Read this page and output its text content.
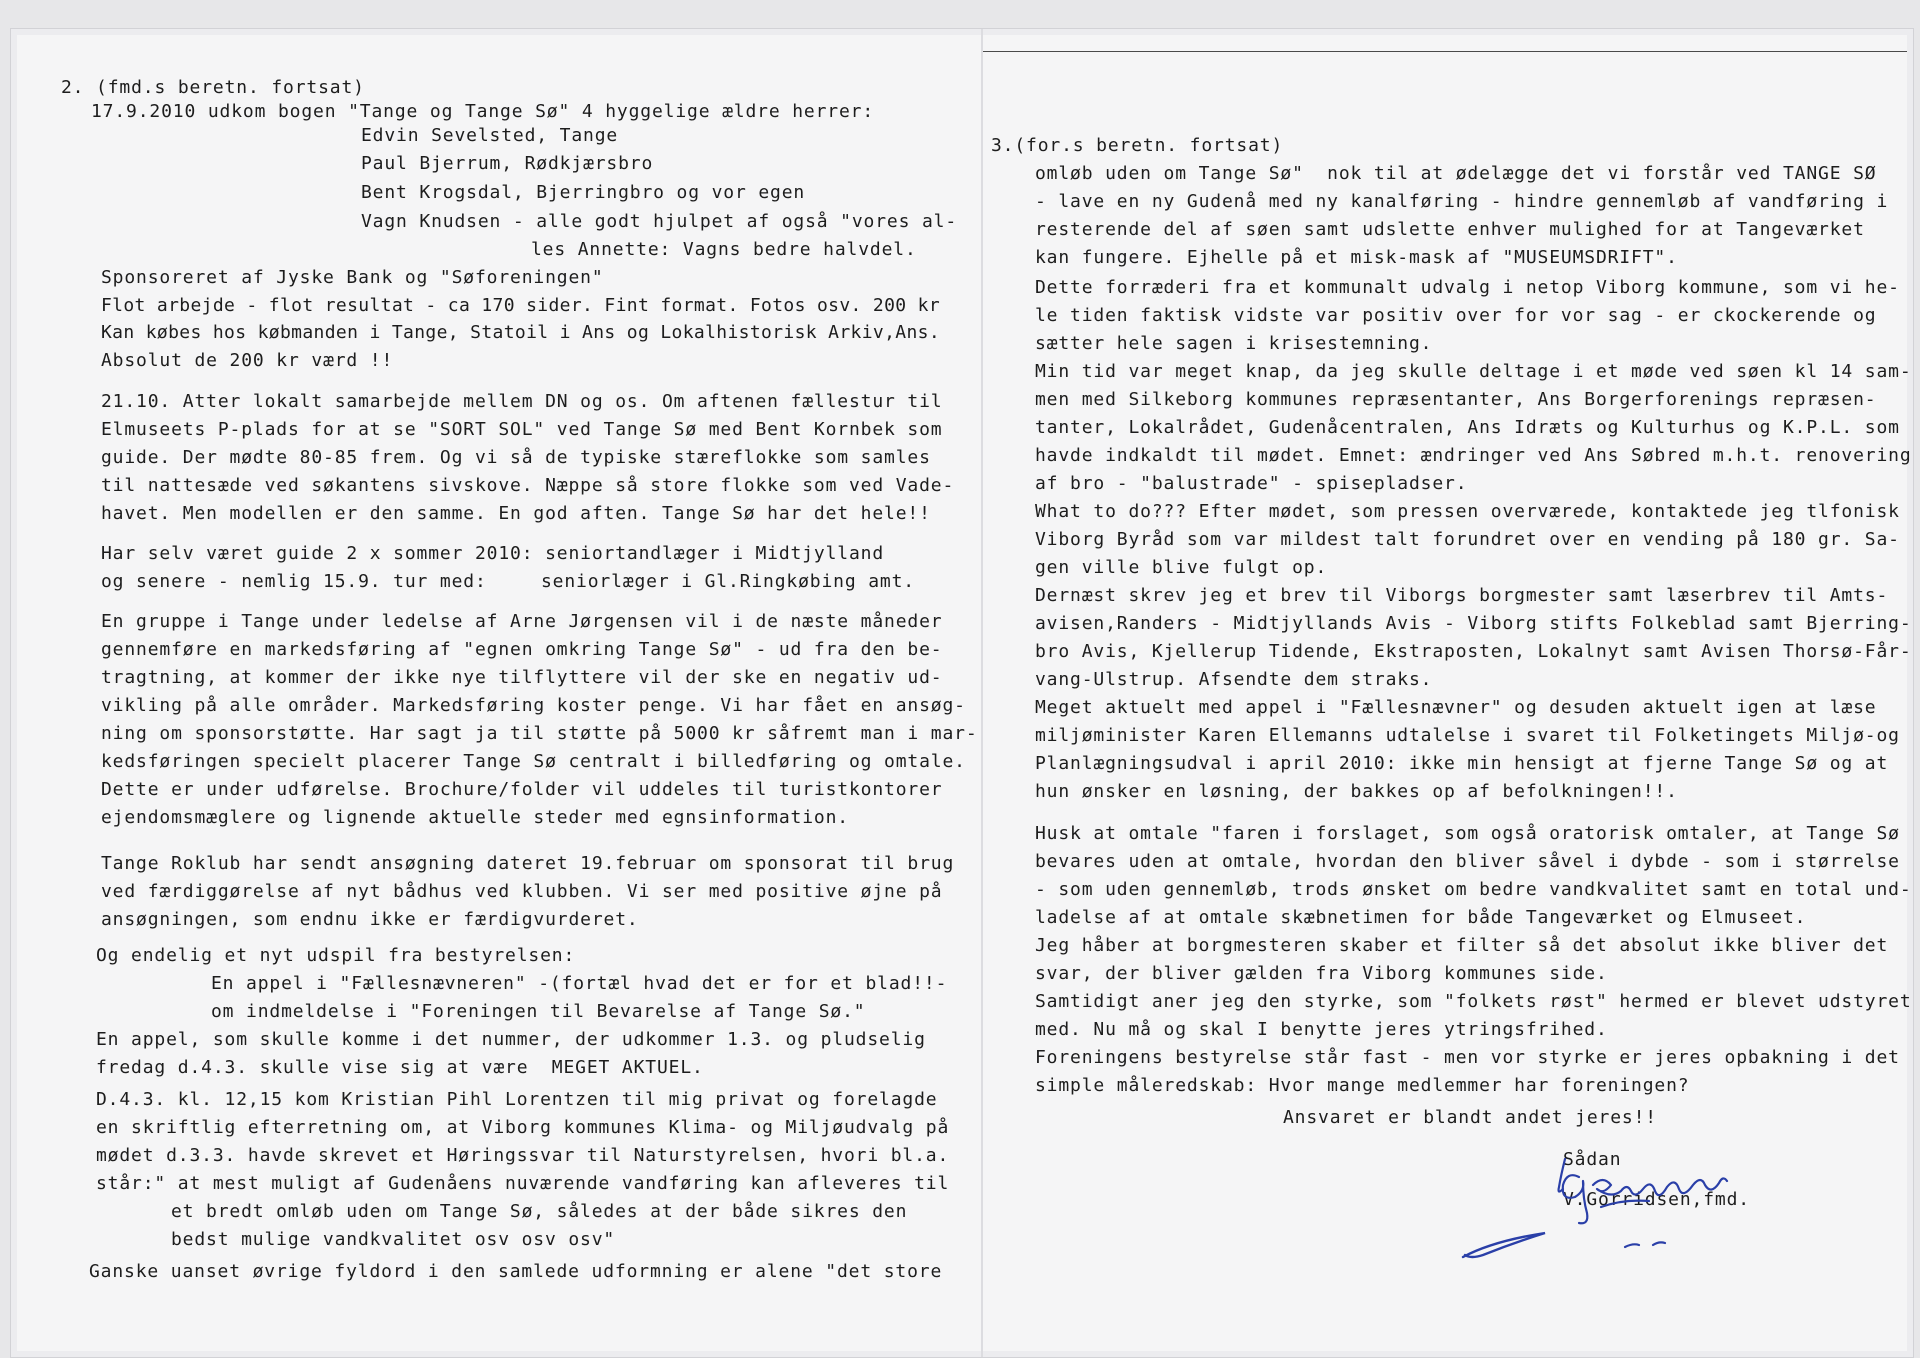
2. (fmd.s beretn. fortsat)
17.9.2010 udkom bogen "Tange og Tange Sø" 4 hyggelige ældre herrer:
Edvin Sevelsted, Tange
Paul Bjerrum, Rødkjærsbro
Bent Krogsdal, Bjerringbro og vor egen
Vagn Knudsen - alle godt hjulpet af også "vores al-
les Annette: Vagns bedre halvdel.
Sponsoreret af Jyske Bank og "Søforeningen"
Flot arbejde - flot resultat - ca 170 sider. Fint format. Fotos osv. 200 kr
Kan købes hos købmanden i Tange, Statoil i Ans og Lokalhistorisk Arkiv,Ans.
Absolut de 200 kr værd !!
21.10. Atter lokalt samarbejde mellem DN og os. Om aftenen fællestur til
Elmuseets P-plads for at se "SORT SOL" ved Tange Sø med Bent Kornbek som
guide. Der mødte 80-85 frem. Og vi så de typiske stæreflokke som samles
til nattesæde ved søkantens sivskove. Næppe så store flokke som ved Vade-
havet. Men modellen er den samme. En god aften. Tange Sø har det hele!!
Har selv været guide 2 x sommer 2010: seniortandlæger i Midtjylland
og senere - nemlig 15.9. tur med:	seniorlæger i Gl.Ringkøbing amt.
En gruppe i Tange under ledelse af Arne Jørgensen vil i de næste måneder
gennemføre en markedsføring af "egnen omkring Tange Sø" - ud fra den be-
tragtning, at kommer der ikke nye tilflyttere vil der ske en negativ ud-
vikling på alle områder. Markedsføring koster penge. Vi har fået en ansøg-
ning om sponsorstøtte. Har sagt ja til støtte på 5000 kr såfremt man i mar-
kedsføringen specielt placerer Tange Sø centralt i billedføring og omtale.
Dette er under udførelse. Brochure/folder vil uddeles til turistkontorer
ejendomsmæglere og lignende aktuelle steder med egnsinformation.
Tange Roklub har sendt ansøgning dateret 19.februar om sponsorat til brug
ved færdiggørelse af nyt bådhus ved klubben. Vi ser med positive øjne på
ansøgningen, som endnu ikke er færdigvurderet.
Og endelig et nyt udspil fra bestyrelsen:
En appel i "Fællesnævneren" -(fortæl hvad det er for et blad!!-
om indmeldelse i "Foreningen til Bevarelse af Tange Sø."
En appel, som skulle komme i det nummer, der udkommer 1.3. og pludselig
fredag d.4.3. skulle vise sig at være  MEGET AKTUEL.
D.4.3. kl. 12,15 kom Kristian Pihl Lorentzen til mig privat og forelagde
en skriftlig efterretning om, at Viborg kommunes Klima- og Miljøudvalg på
mødet d.3.3. havde skrevet et Høringssvar til Naturstyrelsen, hvori bl.a.
står:" at mest muligt af Gudenåens nuværende vandføring kan afleveres til
et bredt omløb uden om Tange Sø, således at der både sikres den
bedst mulige vandkvalitet osv osv osv"
Ganske uanset øvrige fyldord i den samlede udformning er alene "det store
3.(for.s beretn. fortsat)
omløb uden om Tange Sø"  nok til at ødelægge det vi forstår ved TANGE SØ
- lave en ny Gudenå med ny kanalføring - hindre gennemløb af vandføring i
resterende del af søen samt udslette enhver mulighed for at Tangeværket
kan fungere. Ejhelle på et misk-mask af "MUSEUMSDRIFT".
Dette forræderi fra et kommunalt udvalg i netop Viborg kommune, som vi he-
le tiden faktisk vidste var positiv over for vor sag - er ckockerende og
sætter hele sagen i krisestemning.
Min tid var meget knap, da jeg skulle deltage i et møde ved søen kl 14 sam-
men med Silkeborg kommunes repræsentanter, Ans Borgerforenings repræsen-
tanter, Lokalrådet, Gudenåcentralen, Ans Idræts og Kulturhus og K.P.L. som
havde indkaldt til mødet. Emnet: ændringer ved Ans Søbred m.h.t. renovering
af bro - "balustrade" - spisepladser.
What to do??? Efter mødet, som pressen overværede, kontaktede jeg tlfonisk
Viborg Byråd som var mildest talt forundret over en vending på 180 gr. Sa-
gen ville blive fulgt op.
Dernæst skrev jeg et brev til Viborgs borgmester samt læserbrev til Amts-
avisen,Randers - Midtjyllands Avis - Viborg stifts Folkeblad samt Bjerring-
bro Avis, Kjellerup Tidende, Ekstraposten, Lokalnyt samt Avisen Thorsø-Får-
vang-Ulstrup. Afsendte dem straks.
Meget aktuelt med appel i "Fællesnævner" og desuden aktuelt igen at læse
miljøminister Karen Ellemanns udtalelse i svaret til Folketingets Miljø-og
Planlægningsudval i april 2010: ikke min hensigt at fjerne Tange Sø og at
hun ønsker en løsning, der bakkes op af befolkningen!!.
Husk at omtale "faren i forslaget, som også oratorisk omtaler, at Tange Sø
bevares uden at omtale, hvordan den bliver såvel i dybde - som i størrelse
- som uden gennemløb, trods ønsket om bedre vandkvalitet samt en total und-
ladelse af at omtale skæbnetimen for både Tangeværket og Elmuseet.
Jeg håber at borgmesteren skaber et filter så det absolut ikke bliver det
svar, der bliver gælden fra Viborg kommunes side.
Samtidigt aner jeg den styrke, som "folkets røst" hermed er blevet udstyret
med. Nu må og skal I benytte jeres ytringsfrihed.
Foreningens bestyrelse står fast - men vor styrke er jeres opbakning i det
simple måleredskab: Hvor mange medlemmer har foreningen?
Ansvaret er blandt andet jeres!!
Sådan
V.Gorridsen,fmd.
